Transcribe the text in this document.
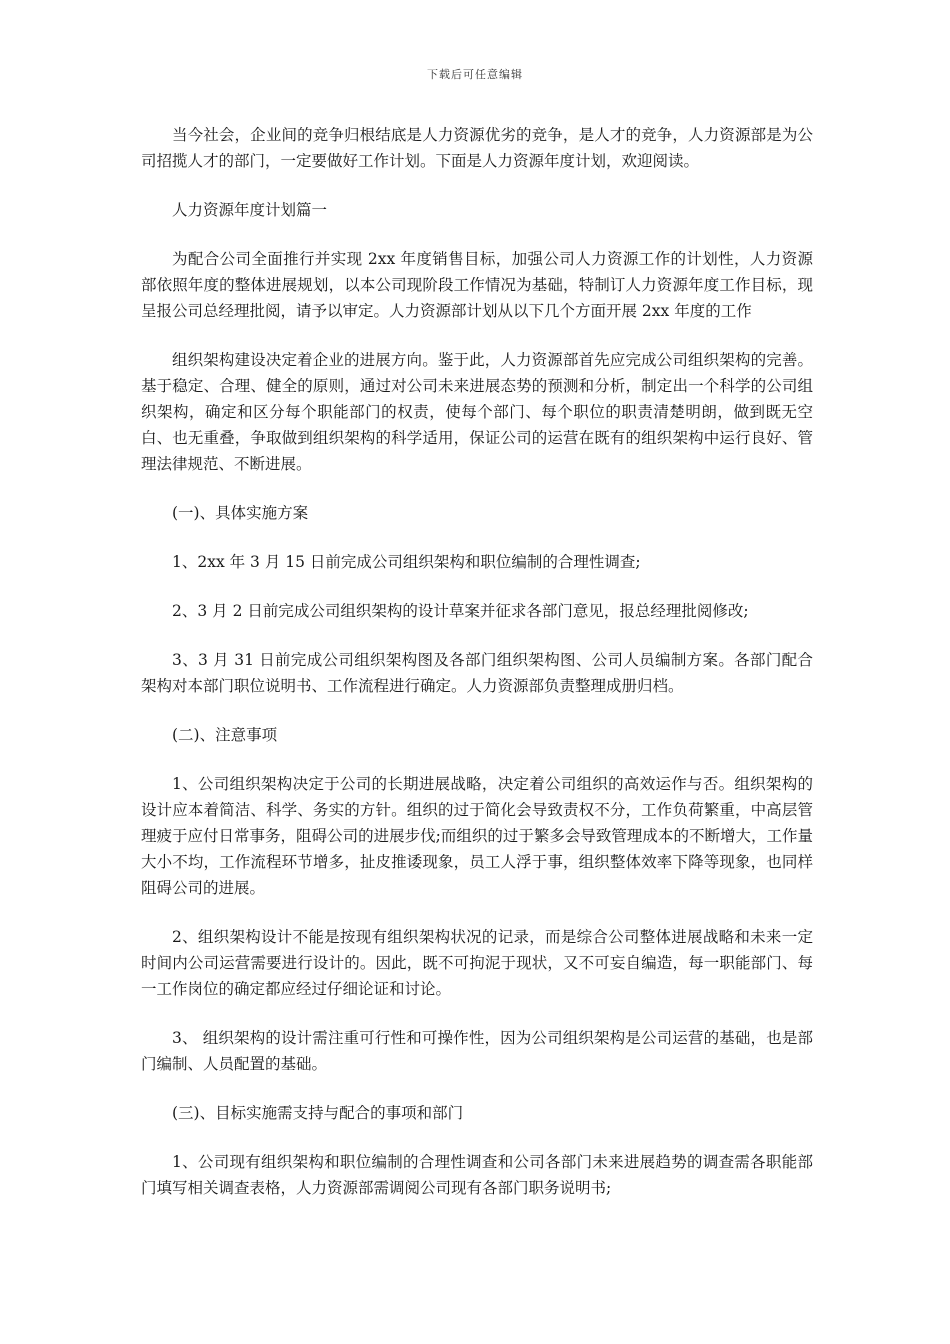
下载后可任意编辑

当今社会，企业间的竞争归根结底是人力资源优劣的竞争，是人才的竞争，人力资源部是为公司招揽人才的部门，一定要做好工作计划。下面是人力资源年度计划，欢迎阅读。

人力资源年度计划篇一

为配合公司全面推行并实现 2xx 年度销售目标，加强公司人力资源工作的计划性，人力资源部依照年度的整体进展规划，以本公司现阶段工作情况为基础，特制订人力资源年度工作目标，现呈报公司总经理批阅，请予以审定。人力资源部计划从以下几个方面开展 2xx 年度的工作

组织架构建设决定着企业的进展方向。鉴于此，人力资源部首先应完成公司组织架构的完善。基于稳定、合理、健全的原则，通过对公司未来进展态势的预测和分析，制定出一个科学的公司组织架构，确定和区分每个职能部门的权责，使每个部门、每个职位的职责清楚明朗，做到既无空白、也无重叠，争取做到组织架构的科学适用，保证公司的运营在既有的组织架构中运行良好、管理法律规范、不断进展。

(一)、具体实施方案

1、2xx 年 3 月 15 日前完成公司组织架构和职位编制的合理性调查;

2、3 月 2 日前完成公司组织架构的设计草案并征求各部门意见，报总经理批阅修改;

3、3 月 31 日前完成公司组织架构图及各部门组织架构图、公司人员编制方案。各部门配合架构对本部门职位说明书、工作流程进行确定。人力资源部负责整理成册归档。

(二)、注意事项

1、公司组织架构决定于公司的长期进展战略，决定着公司组织的高效运作与否。组织架构的设计应本着简洁、科学、务实的方针。组织的过于简化会导致责权不分，工作负荷繁重，中高层管理疲于应付日常事务，阻碍公司的进展步伐;而组织的过于繁多会导致管理成本的不断增大，工作量大小不均，工作流程环节增多，扯皮推诿现象，员工人浮于事，组织整体效率下降等现象，也同样阻碍公司的进展。

2、组织架构设计不能是按现有组织架构状况的记录，而是综合公司整体进展战略和未来一定时间内公司运营需要进行设计的。因此，既不可拘泥于现状，又不可妄自编造，每一职能部门、每一工作岗位的确定都应经过仔细论证和讨论。

3、 组织架构的设计需注重可行性和可操作性，因为公司组织架构是公司运营的基础，也是部门编制、人员配置的基础。

(三)、目标实施需支持与配合的事项和部门

1、公司现有组织架构和职位编制的合理性调查和公司各部门未来进展趋势的调查需各职能部门填写相关调查表格，人力资源部需调阅公司现有各部门职务说明书;
